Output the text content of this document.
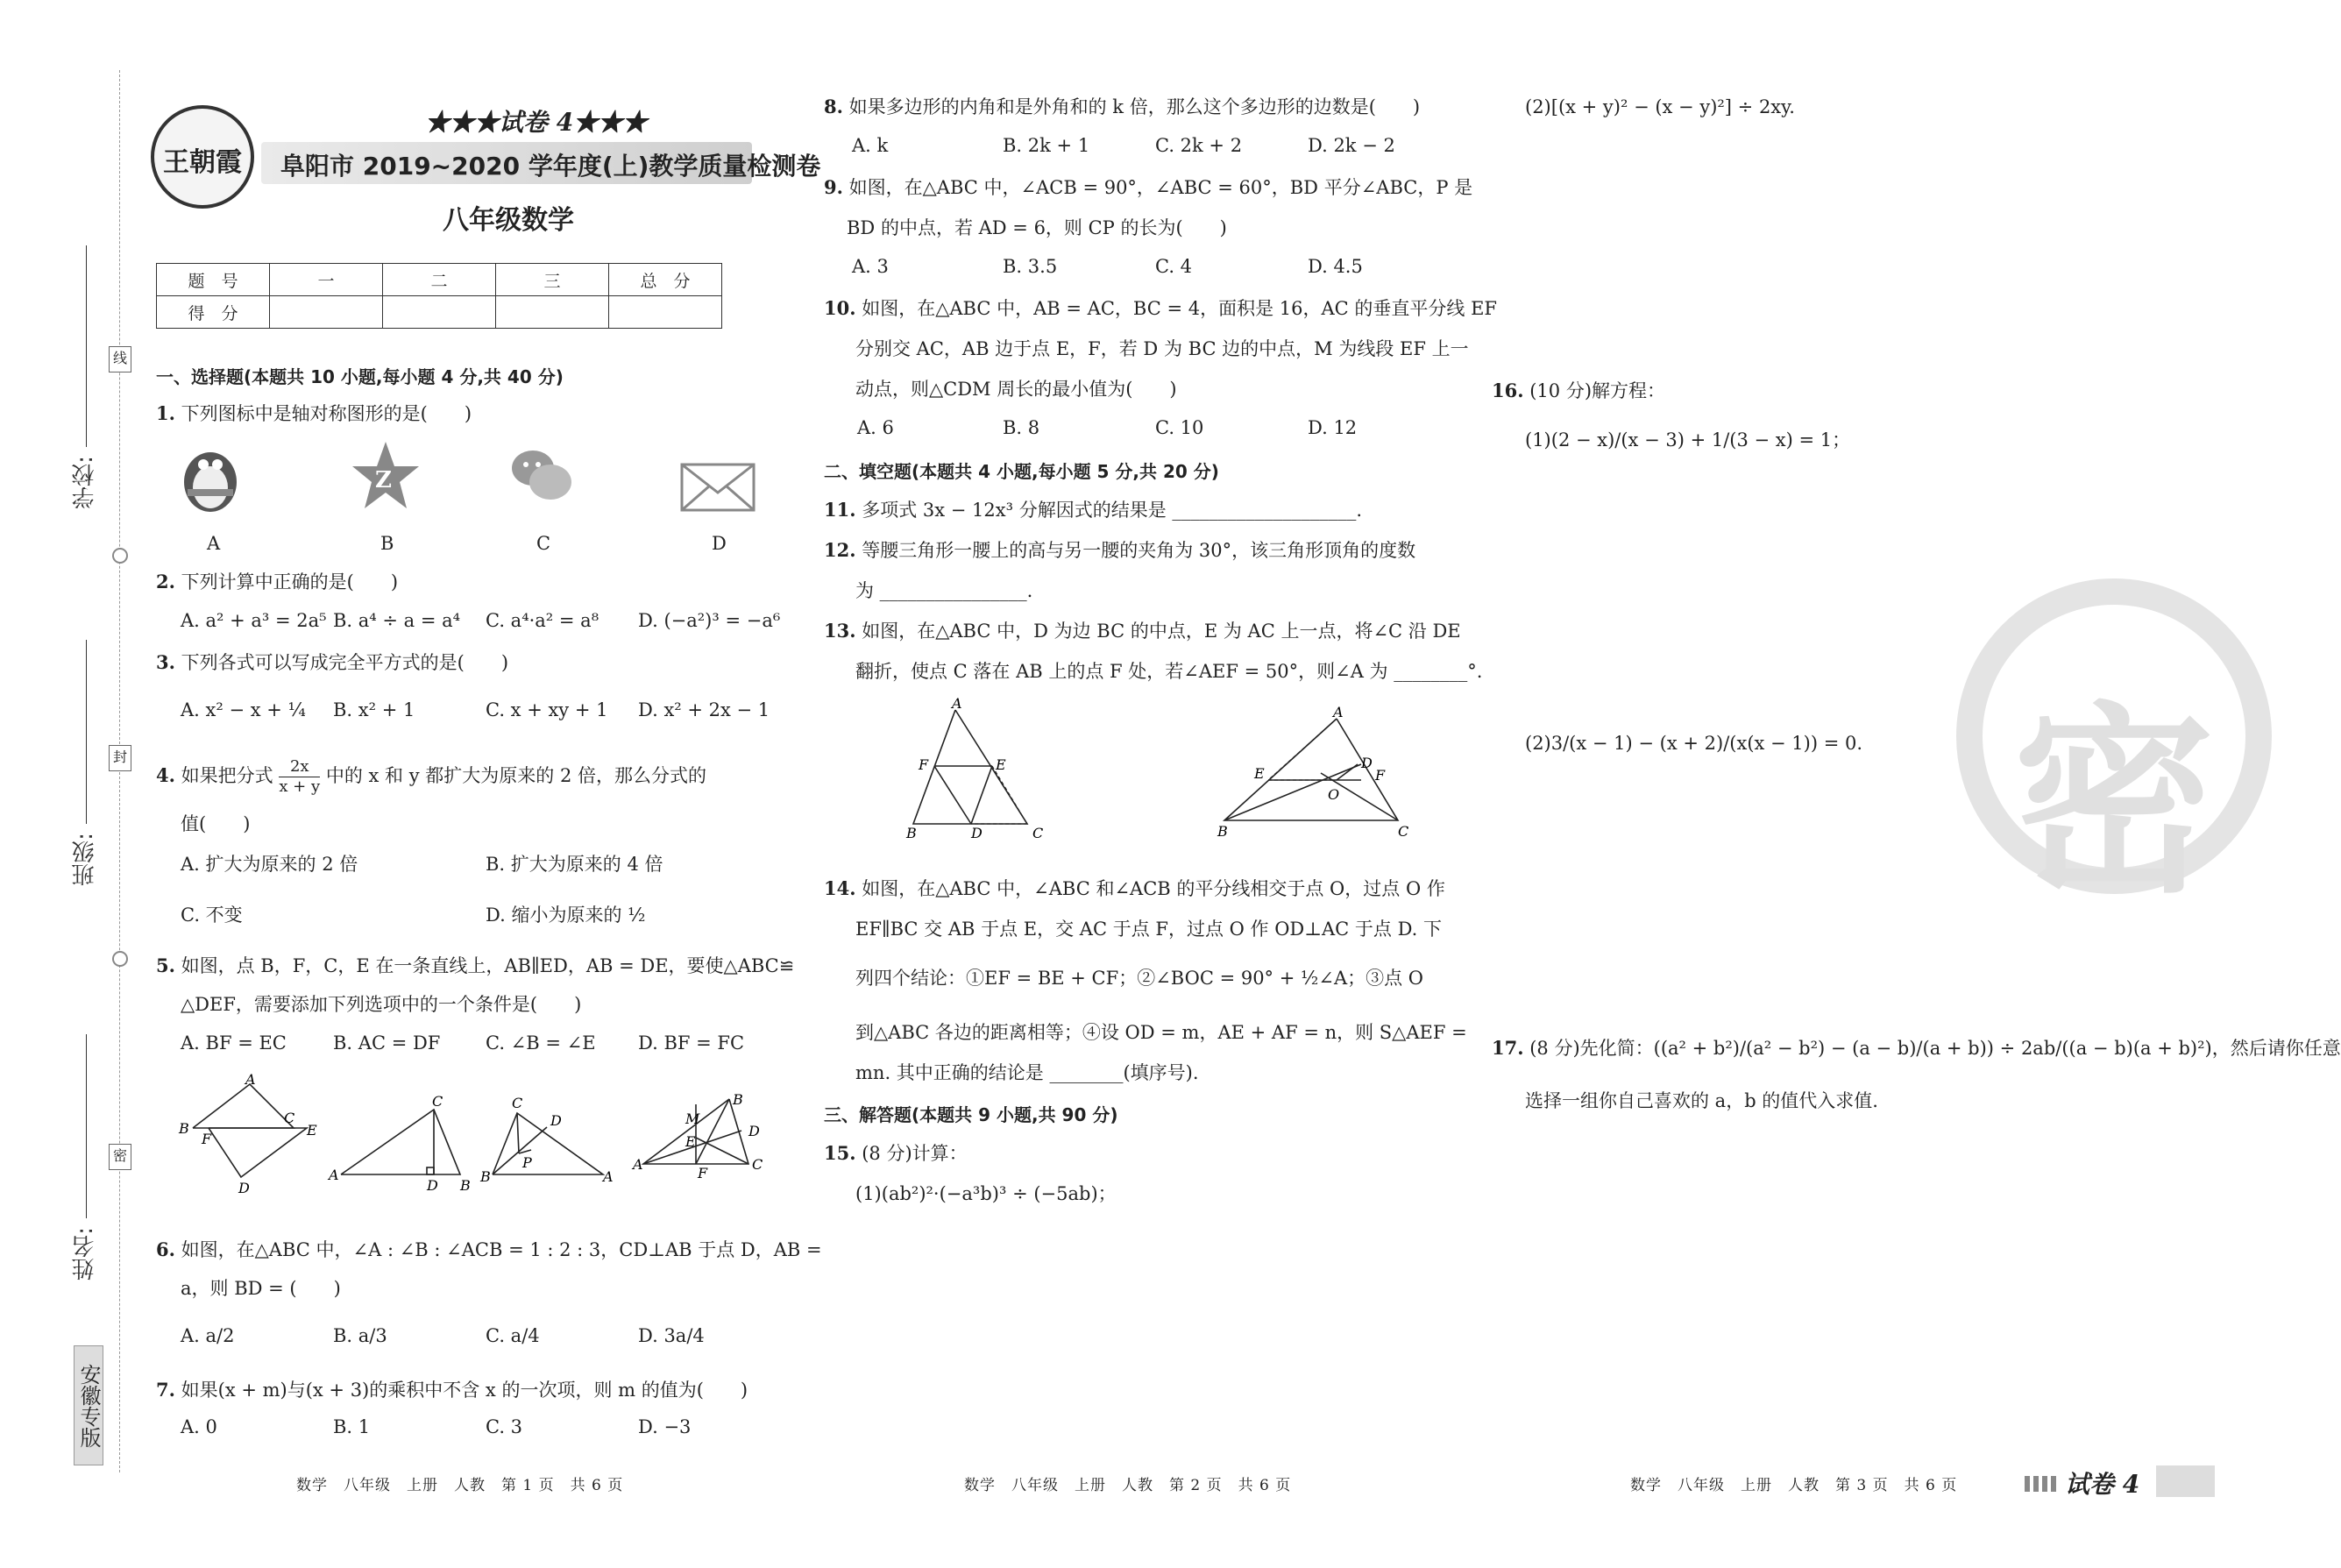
密
学校:
班级:
姓名:
线
封
密
安徽专版
王朝霞
★★★试卷 4★★★
阜阳市 2019~2020 学年度(上)教学质量检测卷
八年级数学
题　号	一	二	三	总　分
得　分				
一、选择题(本题共 10 小题,每小题 4 分,共 40 分)
1. 下列图标中是轴对称图形的是(　　)
Z
A	B	C	D
2. 下列计算中正确的是(　　)
A. a² + a³ = 2a⁵ B. a⁴ ÷ a = a⁴ C. a⁴·a² = a⁸ D. (−a²)³ = −a⁶
3. 下列各式可以写成完全平方式的是(　　)
A. x² − x + ¼ B. x² + 1	C. x + xy + 1 D. x² + 2x − 1
4. 如果把分式 $\frac{2x}{x + y}$ 中的 x 和 y 都扩大为原来的 2 倍，那么分式的
值(　　)
A. 扩大为原来的 2 倍	B. 扩大为原来的 4 倍
C. 不变	D. 缩小为原来的 ½
5. 如图，点 B，F，C，E 在一条直线上，AB∥ED，AB = DE，要使△ABC≌
△DEF，需要添加下列选项中的一个条件是(　　)
A. BF = EC	B. AC = DF C. ∠B = ∠E D. BF = FC
A
B
F
C
E
D
C
A
D B
C
D
P
B	A
B
M
E
D
A	C
F
6. 如图，在△ABC 中，∠A : ∠B : ∠ACB = 1 : 2 : 3，CD⊥AB 于点 D，AB =
a，则 BD = (　　)
A. a/2	B. a/3	C. a/4	D. 3a/4
7. 如果(x + m)与(x + 3)的乘积中不含 x 的一次项，则 m 的值为(　　)
A. 0	B. 1	C. 3	D. −3
8. 如果多边形的内角和是外角和的 k 倍，那么这个多边形的边数是(　　)
A. k	B. 2k + 1	C. 2k + 2	D. 2k − 2
9. 如图，在△ABC 中，∠ACB = 90°，∠ABC = 60°，BD 平分∠ABC，P 是
BD 的中点，若 AD = 6，则 CP 的长为(　　)
A. 3	B. 3.5	C. 4	D. 4.5
10. 如图，在△ABC 中，AB = AC，BC = 4，面积是 16，AC 的垂直平分线 EF
分别交 AC，AB 边于点 E，F，若 D 为 BC 边的中点，M 为线段 EF 上一
动点，则△CDM 周长的最小值为(　　)
A. 6	B. 8	C. 10	D. 12
二、填空题(本题共 4 小题,每小题 5 分,共 20 分)
11. 多项式 3x − 12x³ 分解因式的结果是 ____________________.
12. 等腰三角形一腰上的高与另一腰的夹角为 30°，该三角形顶角的度数
为 ________________.
13. 如图，在△ABC 中，D 为边 BC 的中点，E 为 AC 上一点，将∠C 沿 DE
翻折，使点 C 落在 AB 上的点 F 处，若∠AEF = 50°，则∠A 为 ________°.
A
F	E
B	D	C
A
E
D
F
O
B	C
14. 如图，在△ABC 中，∠ABC 和∠ACB 的平分线相交于点 O，过点 O 作
EF∥BC 交 AB 于点 E，交 AC 于点 F，过点 O 作 OD⊥AC 于点 D. 下
列四个结论：①EF = BE + CF；②∠BOC = 90° + ½∠A；③点 O
到△ABC 各边的距离相等；④设 OD = m，AE + AF = n，则 S△AEF =
mn. 其中正确的结论是 ________(填序号).
三、解答题(本题共 9 小题,共 90 分)
15. (8 分)计算：
(1)(ab²)²·(−a³b)³ ÷ (−5ab)；
(2)[(x + y)² − (x − y)²] ÷ 2xy.
16. (10 分)解方程：
(1)(2 − x)/(x − 3) + 1/(3 − x) = 1；
(2)3/(x − 1) − (x + 2)/(x(x − 1)) = 0.
17. (8 分)先化简：((a² + b²)/(a² − b²) − (a − b)/(a + b)) ÷ 2ab/((a − b)(a + b)²)，然后请你任意
选择一组你自己喜欢的 a，b 的值代入求值.
数学　八年级　上册　人教　第 1 页　共 6 页	数学　八年级　上册　人教　第 2 页　共 6 页	数学　八年级　上册　人教　第 3 页　共 6 页	试卷 4
